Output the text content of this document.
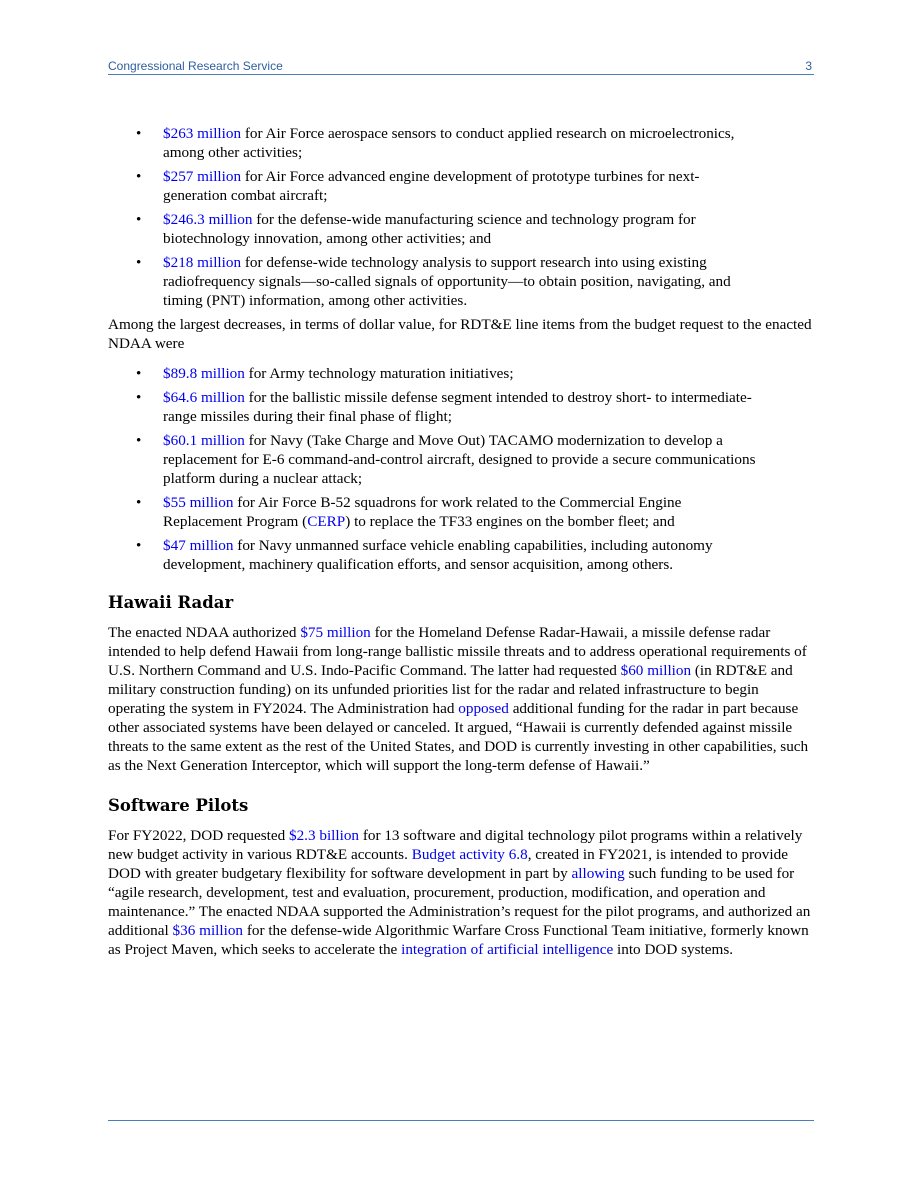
Congressional Research Service	3
• $263 million for Air Force aerospace sensors to conduct applied research on microelectronics, among other activities;
• $257 million for Air Force advanced engine development of prototype turbines for next-generation combat aircraft;
• $246.3 million for the defense-wide manufacturing science and technology program for biotechnology innovation, among other activities; and
• $218 million for defense-wide technology analysis to support research into using existing radiofrequency signals—so-called signals of opportunity—to obtain position, navigating, and timing (PNT) information, among other activities.

Among the largest decreases, in terms of dollar value, for RDT&E line items from the budget request to the enacted NDAA were

• $89.8 million for Army technology maturation initiatives;
• $64.6 million for the ballistic missile defense segment intended to destroy short- to intermediate-range missiles during their final phase of flight;
• $60.1 million for Navy (Take Charge and Move Out) TACAMO modernization to develop a replacement for E-6 command-and-control aircraft, designed to provide a secure communications platform during a nuclear attack;
• $55 million for Air Force B-52 squadrons for work related to the Commercial Engine Replacement Program (CERP) to replace the TF33 engines on the bomber fleet; and
• $47 million for Navy unmanned surface vehicle enabling capabilities, including autonomy development, machinery qualification efforts, and sensor acquisition, among others.
Hawaii Radar

The enacted NDAA authorized $75 million for the Homeland Defense Radar-Hawaii, a missile defense radar intended to help defend Hawaii from long-range ballistic missile threats and to address operational requirements of U.S. Northern Command and U.S. Indo-Pacific Command. The latter had requested $60 million (in RDT&E and military construction funding) on its unfunded priorities list for the radar and related infrastructure to begin operating the system in FY2024. The Administration had opposed additional funding for the radar in part because other associated systems have been delayed or canceled. It argued, “Hawaii is currently defended against missile threats to the same extent as the rest of the United States, and DOD is currently investing in other capabilities, such as the Next Generation Interceptor, which will support the long-term defense of Hawaii.”

Software Pilots

For FY2022, DOD requested $2.3 billion for 13 software and digital technology pilot programs within a relatively new budget activity in various RDT&E accounts. Budget activity 6.8, created in FY2021, is intended to provide DOD with greater budgetary flexibility for software development in part by allowing such funding to be used for “agile research, development, test and evaluation, procurement, production, modification, and operation and maintenance.” The enacted NDAA supported the Administration’s request for the pilot programs, and authorized an additional $36 million for the defense-wide Algorithmic Warfare Cross Functional Team initiative, formerly known as Project Maven, which seeks to accelerate the integration of artificial intelligence into DOD systems.
